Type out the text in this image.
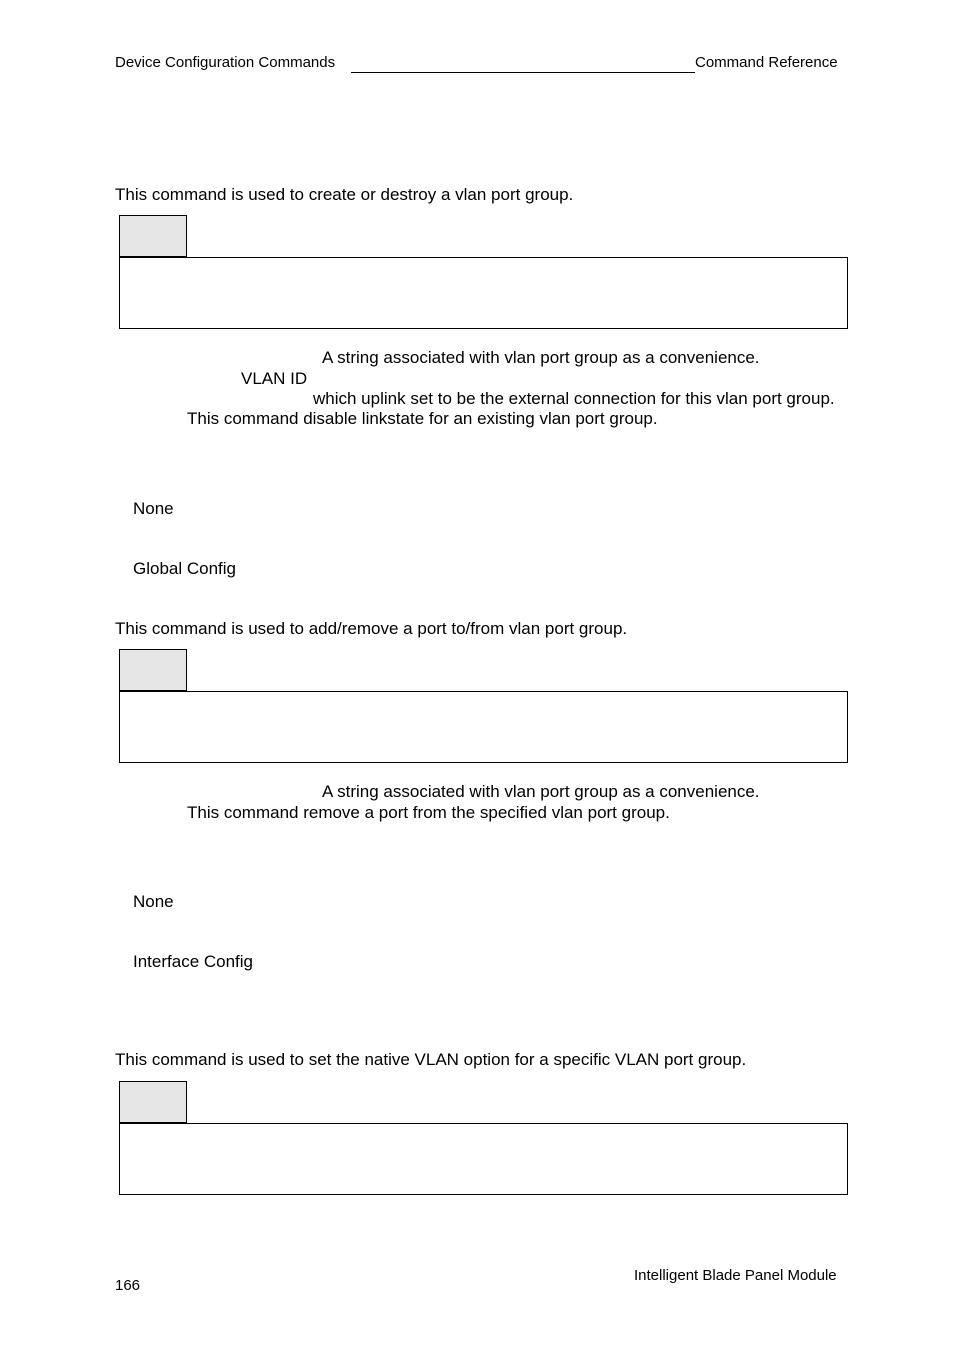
Device Configuration Commands	Command Reference
This command is used to create or destroy a vlan port group.
A string associated with vlan port group as a convenience.
VLAN ID
which uplink set to be the external connection for this vlan port group.
This command disable linkstate for an existing vlan port group.
None
Global Config
This command is used to add/remove a port to/from vlan port group.
A string associated with vlan port group as a convenience.
This command remove a port from the specified vlan port group.
None
Interface Config
This command is used to set the native VLAN option for a specific VLAN port group.
166
Intelligent Blade Panel Module
